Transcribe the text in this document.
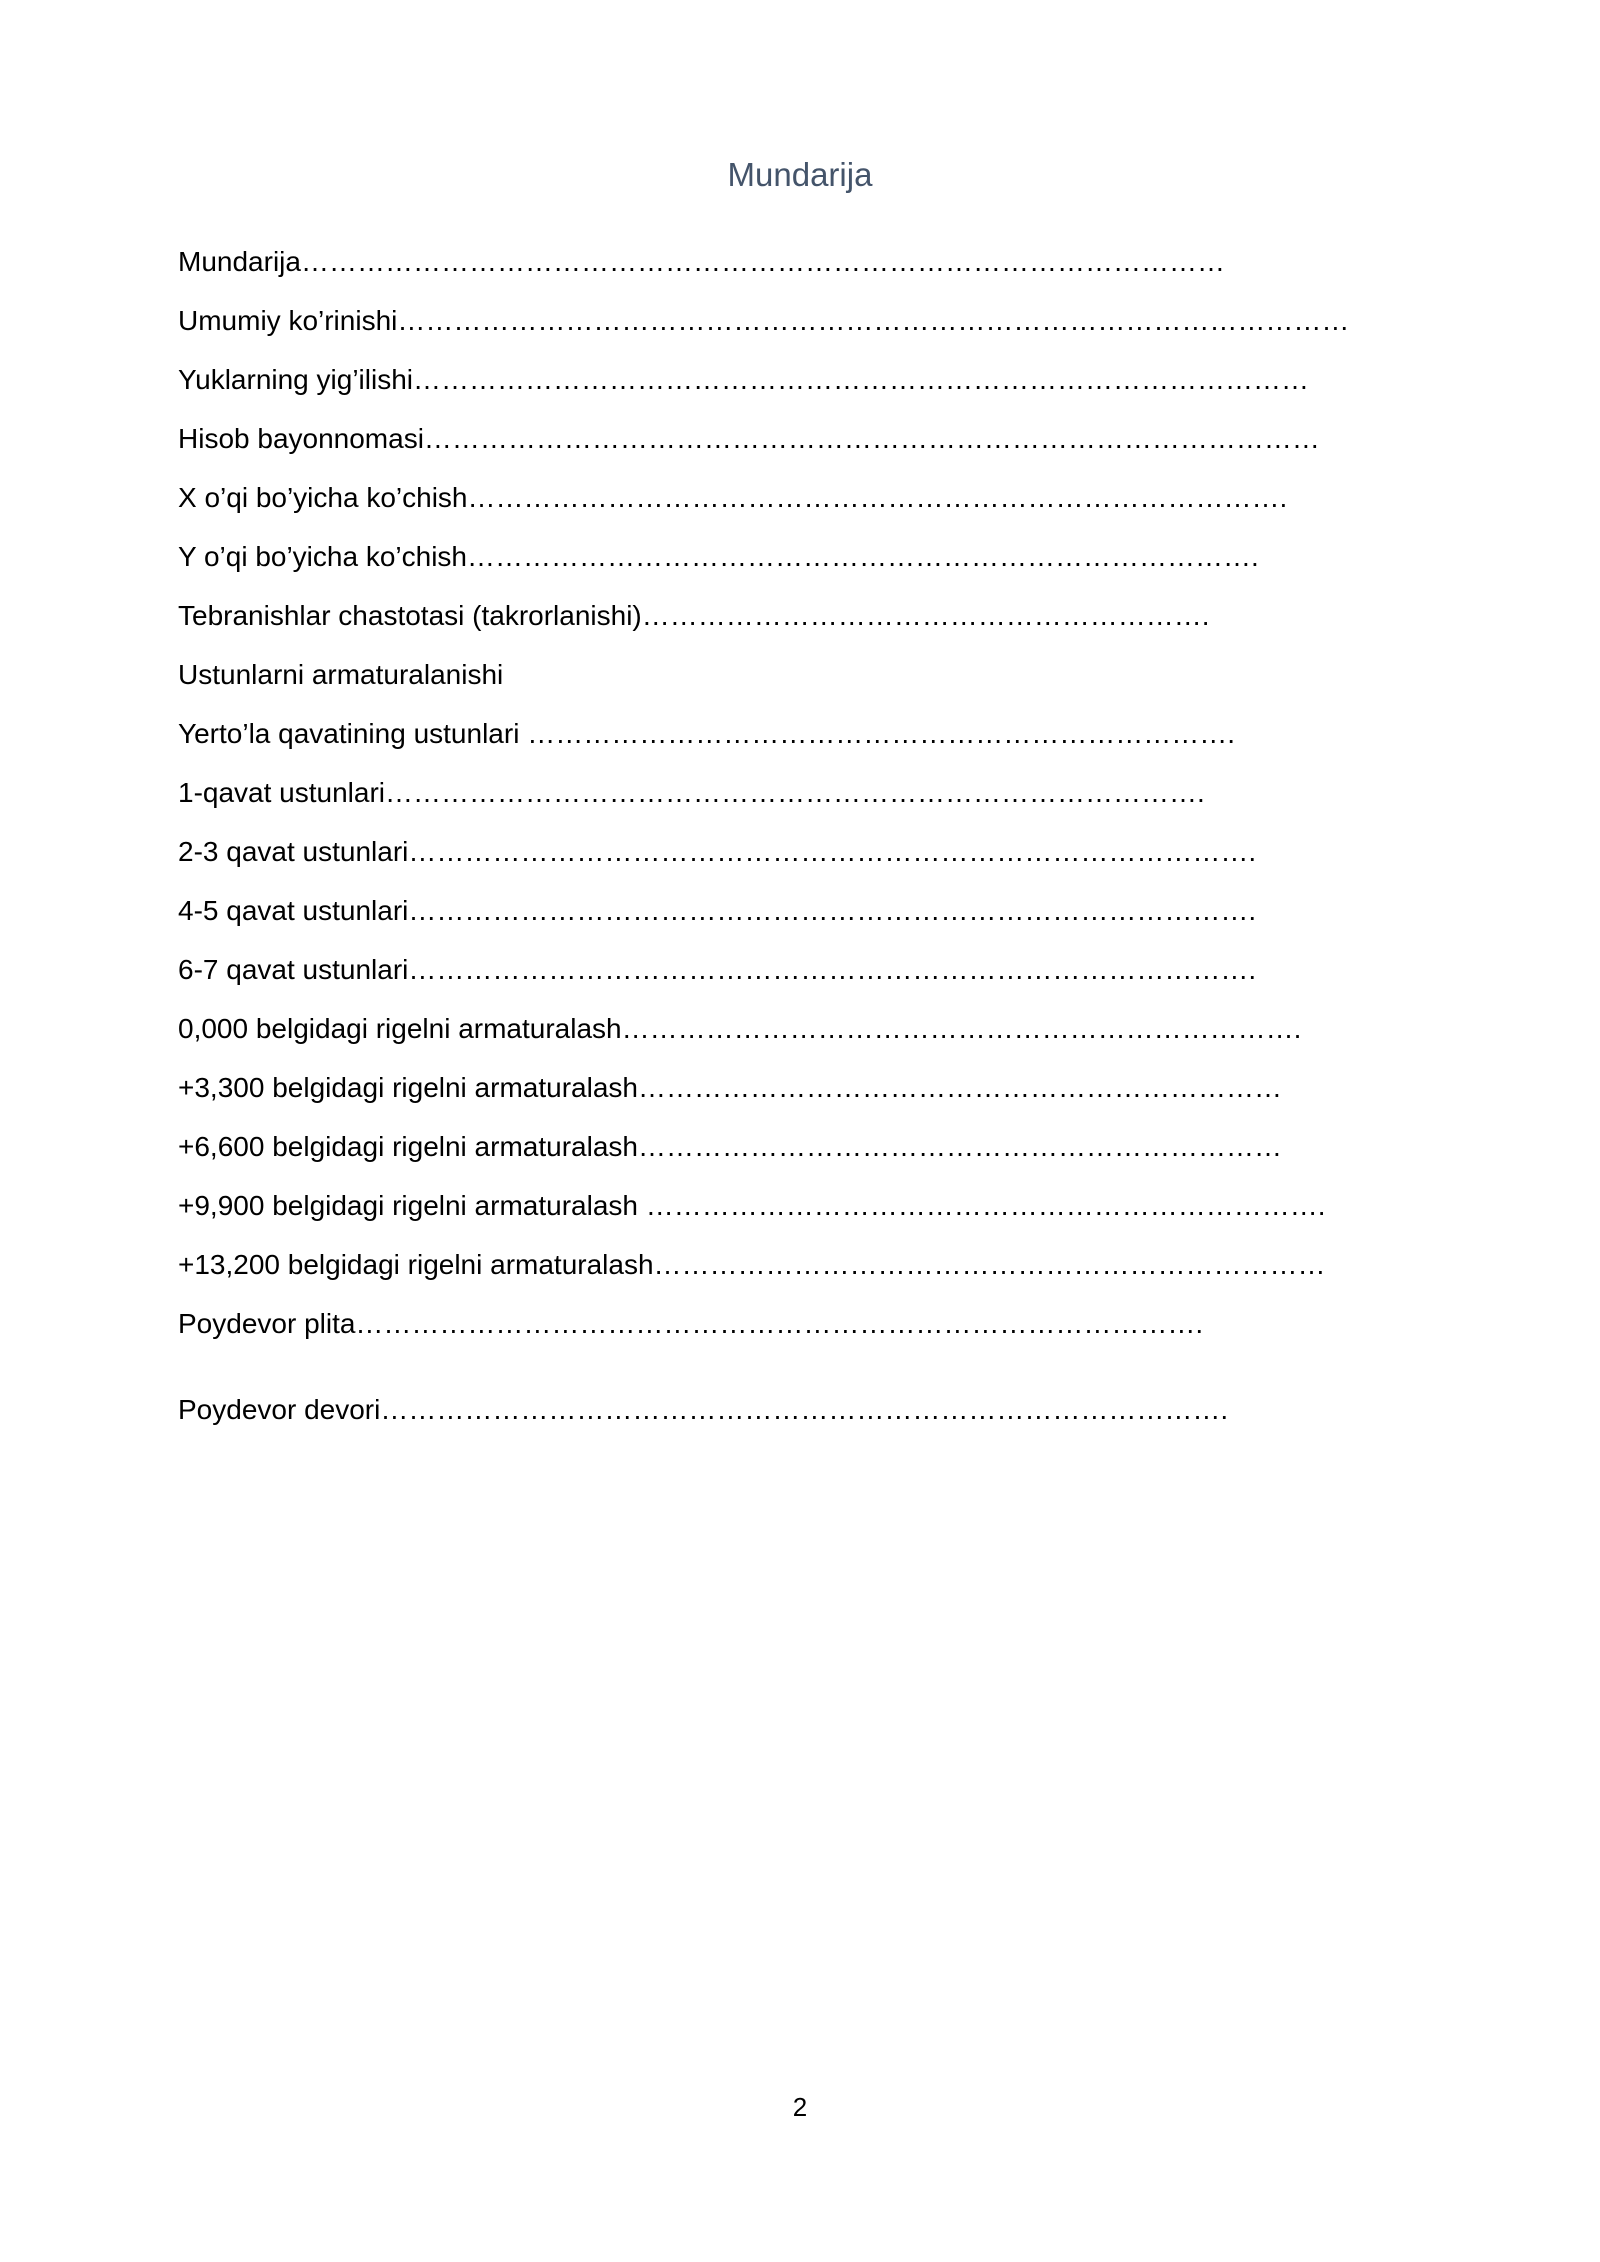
Mundarija
Mundarija………………………………………………………………………………………
Umumiy ko’rinishi…………………………………………………………………………………………
Yuklarning yig’ilishi……………………………………………………………………………………
Hisob bayonnomasi……………………………………………………………………………………
X o’qi bo’yicha ko’chish…………………………………………………………………………….
Y o’qi bo’yicha ko’chish………………………………………………………………………….
Tebranishlar chastotasi (takrorlanishi)…………………………………………………….
Ustunlarni armaturalanishi
Yerto’la qavatining ustunlari ………………………………………………………………….
1-qavat ustunlari…………………………………………………………………………….
2-3 qavat ustunlari……………………………………………………………………………….
4-5 qavat ustunlari……………………………………………………………………………….
6-7 qavat ustunlari……………………………………………………………………………….
0,000 belgidagi rigelni armaturalash……………………………………………………………….
+3,300 belgidagi rigelni armaturalash……………………………………………………………
+6,600 belgidagi rigelni armaturalash……………………………………………………………
+9,900 belgidagi rigelni armaturalash ……………………………………………………………….
+13,200 belgidagi rigelni armaturalash………………………………………………………………
Poydevor plita……………………………………………………………………………….
Poydevor devori……………………………………………………………………………….
2
